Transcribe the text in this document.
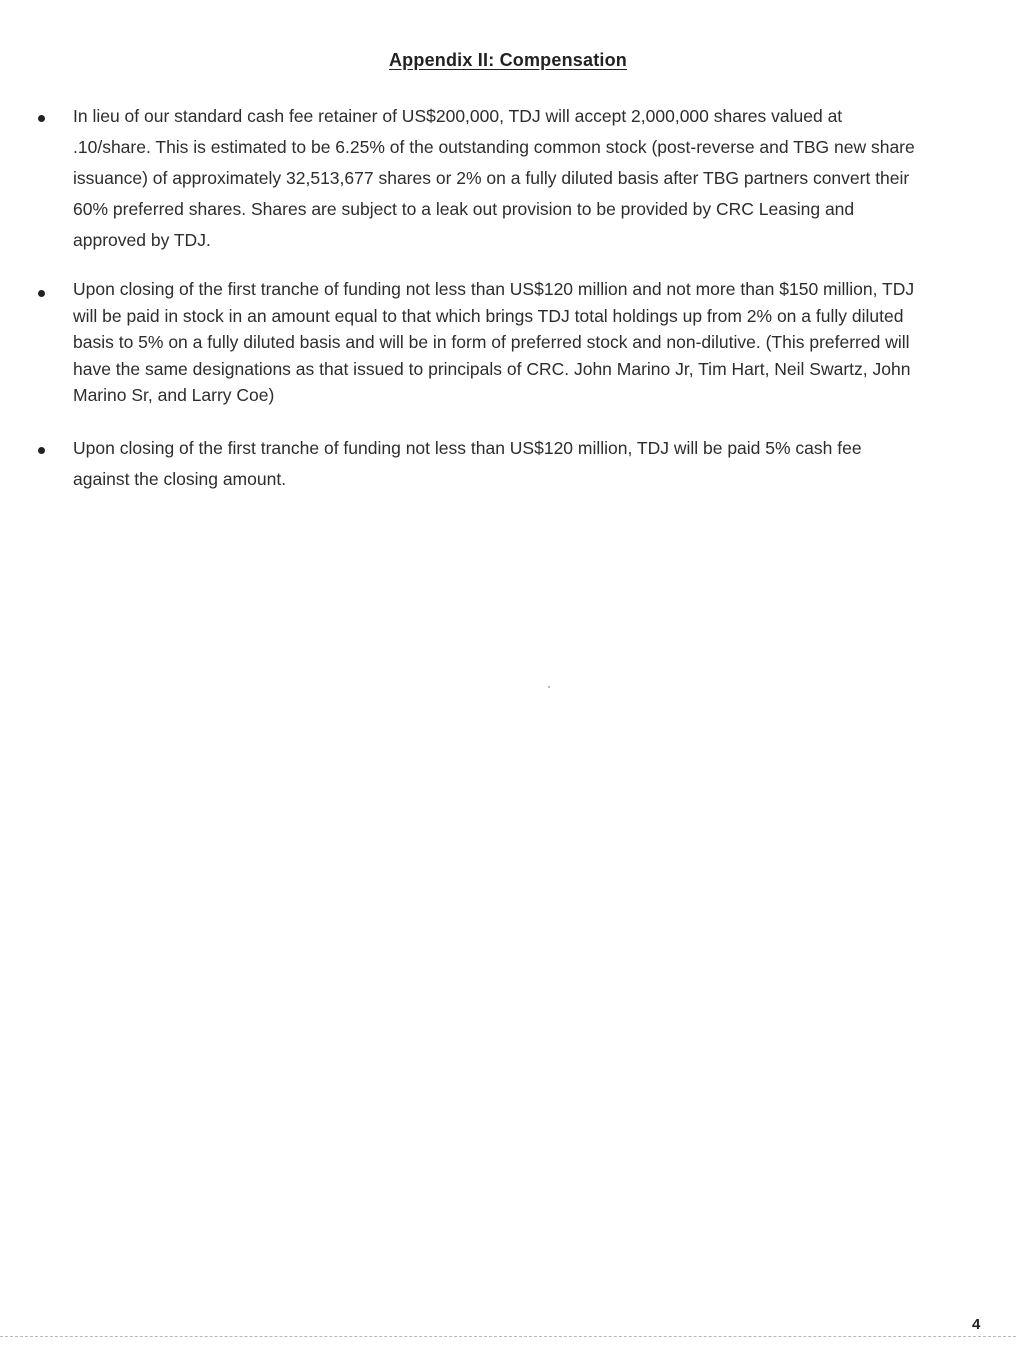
Appendix II: Compensation
In lieu of our standard cash fee retainer of US$200,000, TDJ will accept 2,000,000 shares valued at .10/share. This is estimated to be 6.25% of the outstanding common stock (post-reverse and TBG new share issuance) of approximately 32,513,677 shares or 2% on a fully diluted basis after TBG partners convert their 60% preferred shares. Shares are subject to a leak out provision to be provided by CRC Leasing and approved by TDJ.
Upon closing of the first tranche of funding not less than US$120 million and not more than $150 million, TDJ will be paid in stock in an amount equal to that which brings TDJ total holdings up from 2% on a fully diluted basis to 5% on a fully diluted basis and will be in form of preferred stock and non-dilutive. (This preferred will have the same designations as that issued to principals of CRC. John Marino Jr, Tim Hart, Neil Swartz, John Marino Sr, and Larry Coe)
Upon closing of the first tranche of funding not less than US$120 million, TDJ will be paid 5% cash fee against the closing amount.
4
